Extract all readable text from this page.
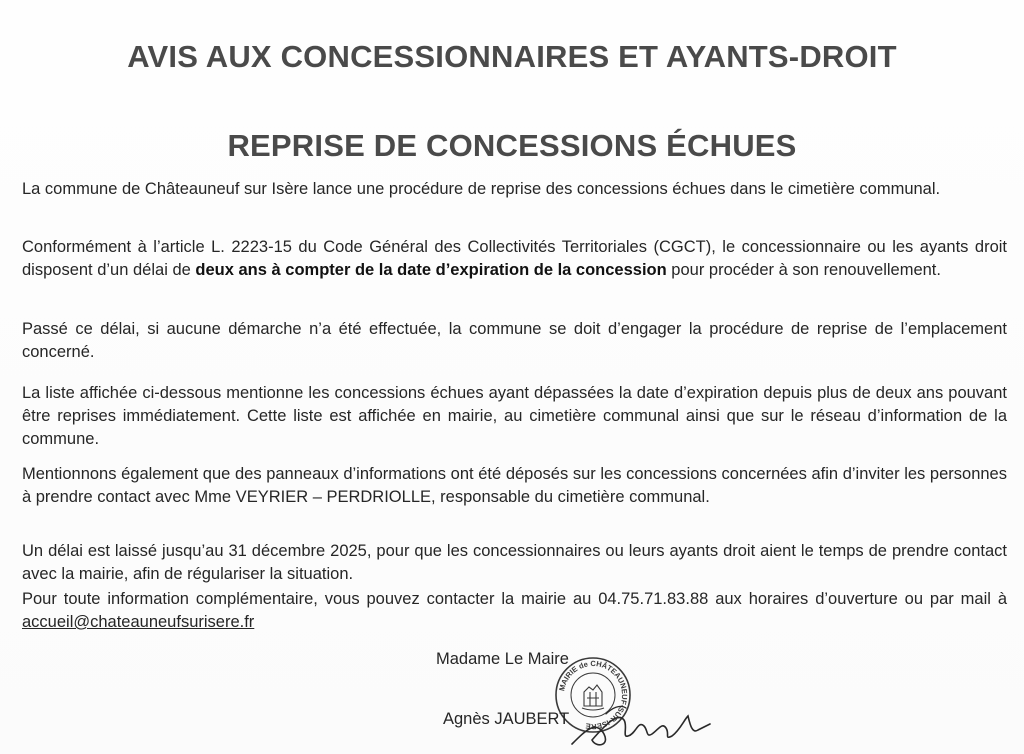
AVIS AUX CONCESSIONNAIRES ET AYANTS-DROIT
REPRISE DE CONCESSIONS ÉCHUES

La commune de Châteauneuf sur Isère lance une procédure de reprise des concessions échues dans le cimetière communal.

Conformément à l’article L. 2223-15 du Code Général des Collectivités Territoriales (CGCT), le concessionnaire ou les ayants droit disposent d’un délai de deux ans à compter de la date d’expiration de la concession pour procéder à son renouvellement.

Passé ce délai, si aucune démarche n’a été effectuée, la commune se doit d’engager la procédure de reprise de l’emplacement concerné.

La liste affichée ci-dessous mentionne les concessions échues ayant dépassées la date d’expiration depuis plus de deux ans pouvant être reprises immédiatement. Cette liste est affichée en mairie, au cimetière communal ainsi que sur le réseau d’information de la commune.

Mentionnons également que des panneaux d’informations ont été déposés sur les concessions concernées afin d’inviter les personnes à prendre contact avec Mme VEYRIER – PERDRIOLLE, responsable du cimetière communal.

Un délai est laissé jusqu’au 31 décembre 2025, pour que les concessionnaires ou leurs ayants droit aient le temps de prendre contact avec la mairie, afin de régulariser la situation.

Pour toute information complémentaire, vous pouvez contacter la mairie au 04.75.71.83.88 aux horaires d’ouverture ou par mail à accueil@chateauneufsurisere.fr

Madame Le Maire
MAIRIE de CHÂTEAUNEUF-SUR-ISÈRE
Agnès JAUBERT
